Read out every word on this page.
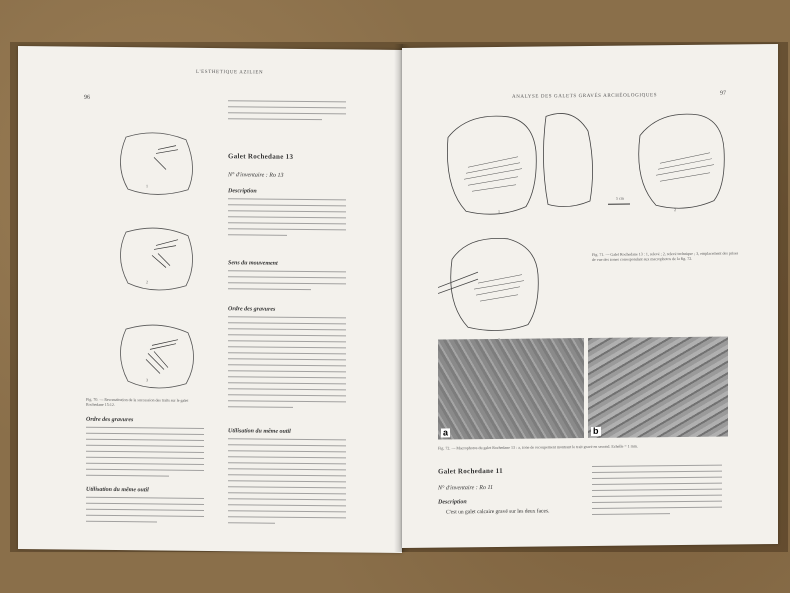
96
L'ESTHETIQUE AZILIEN
1
2
3
Fig. 70. — Reconstitution de la succession des traits sur le galet Rochedane 15:12.
Ordre des gravures
Utilisation du même outil
Galet Rochedane 13
N° d'inventaire : Ro 13
Description
Sens du mouvement
Ordre des gravures
Utilisation du même outil
ANALYSE DES GALETS GRAVÉS ARCHÉOLOGIQUES	97
1	2
5 cm
Fig. 71. — Galet Rochedane 13 : 1, relevé ; 2, relevé technique ; 3, emplacement des prises de vue des zones correspondant aux macrophotos de la fig. 72.
a	b
Fig. 72. — Macrophotos du galet Rochedane 13 : a, zone de recoupement montrant le trait gravé en second. Echelle = 1 mm.
Galet Rochedane 11
N° d'inventaire : Ro 11
Description
C'est un galet calcaire gravé sur les deux faces.
